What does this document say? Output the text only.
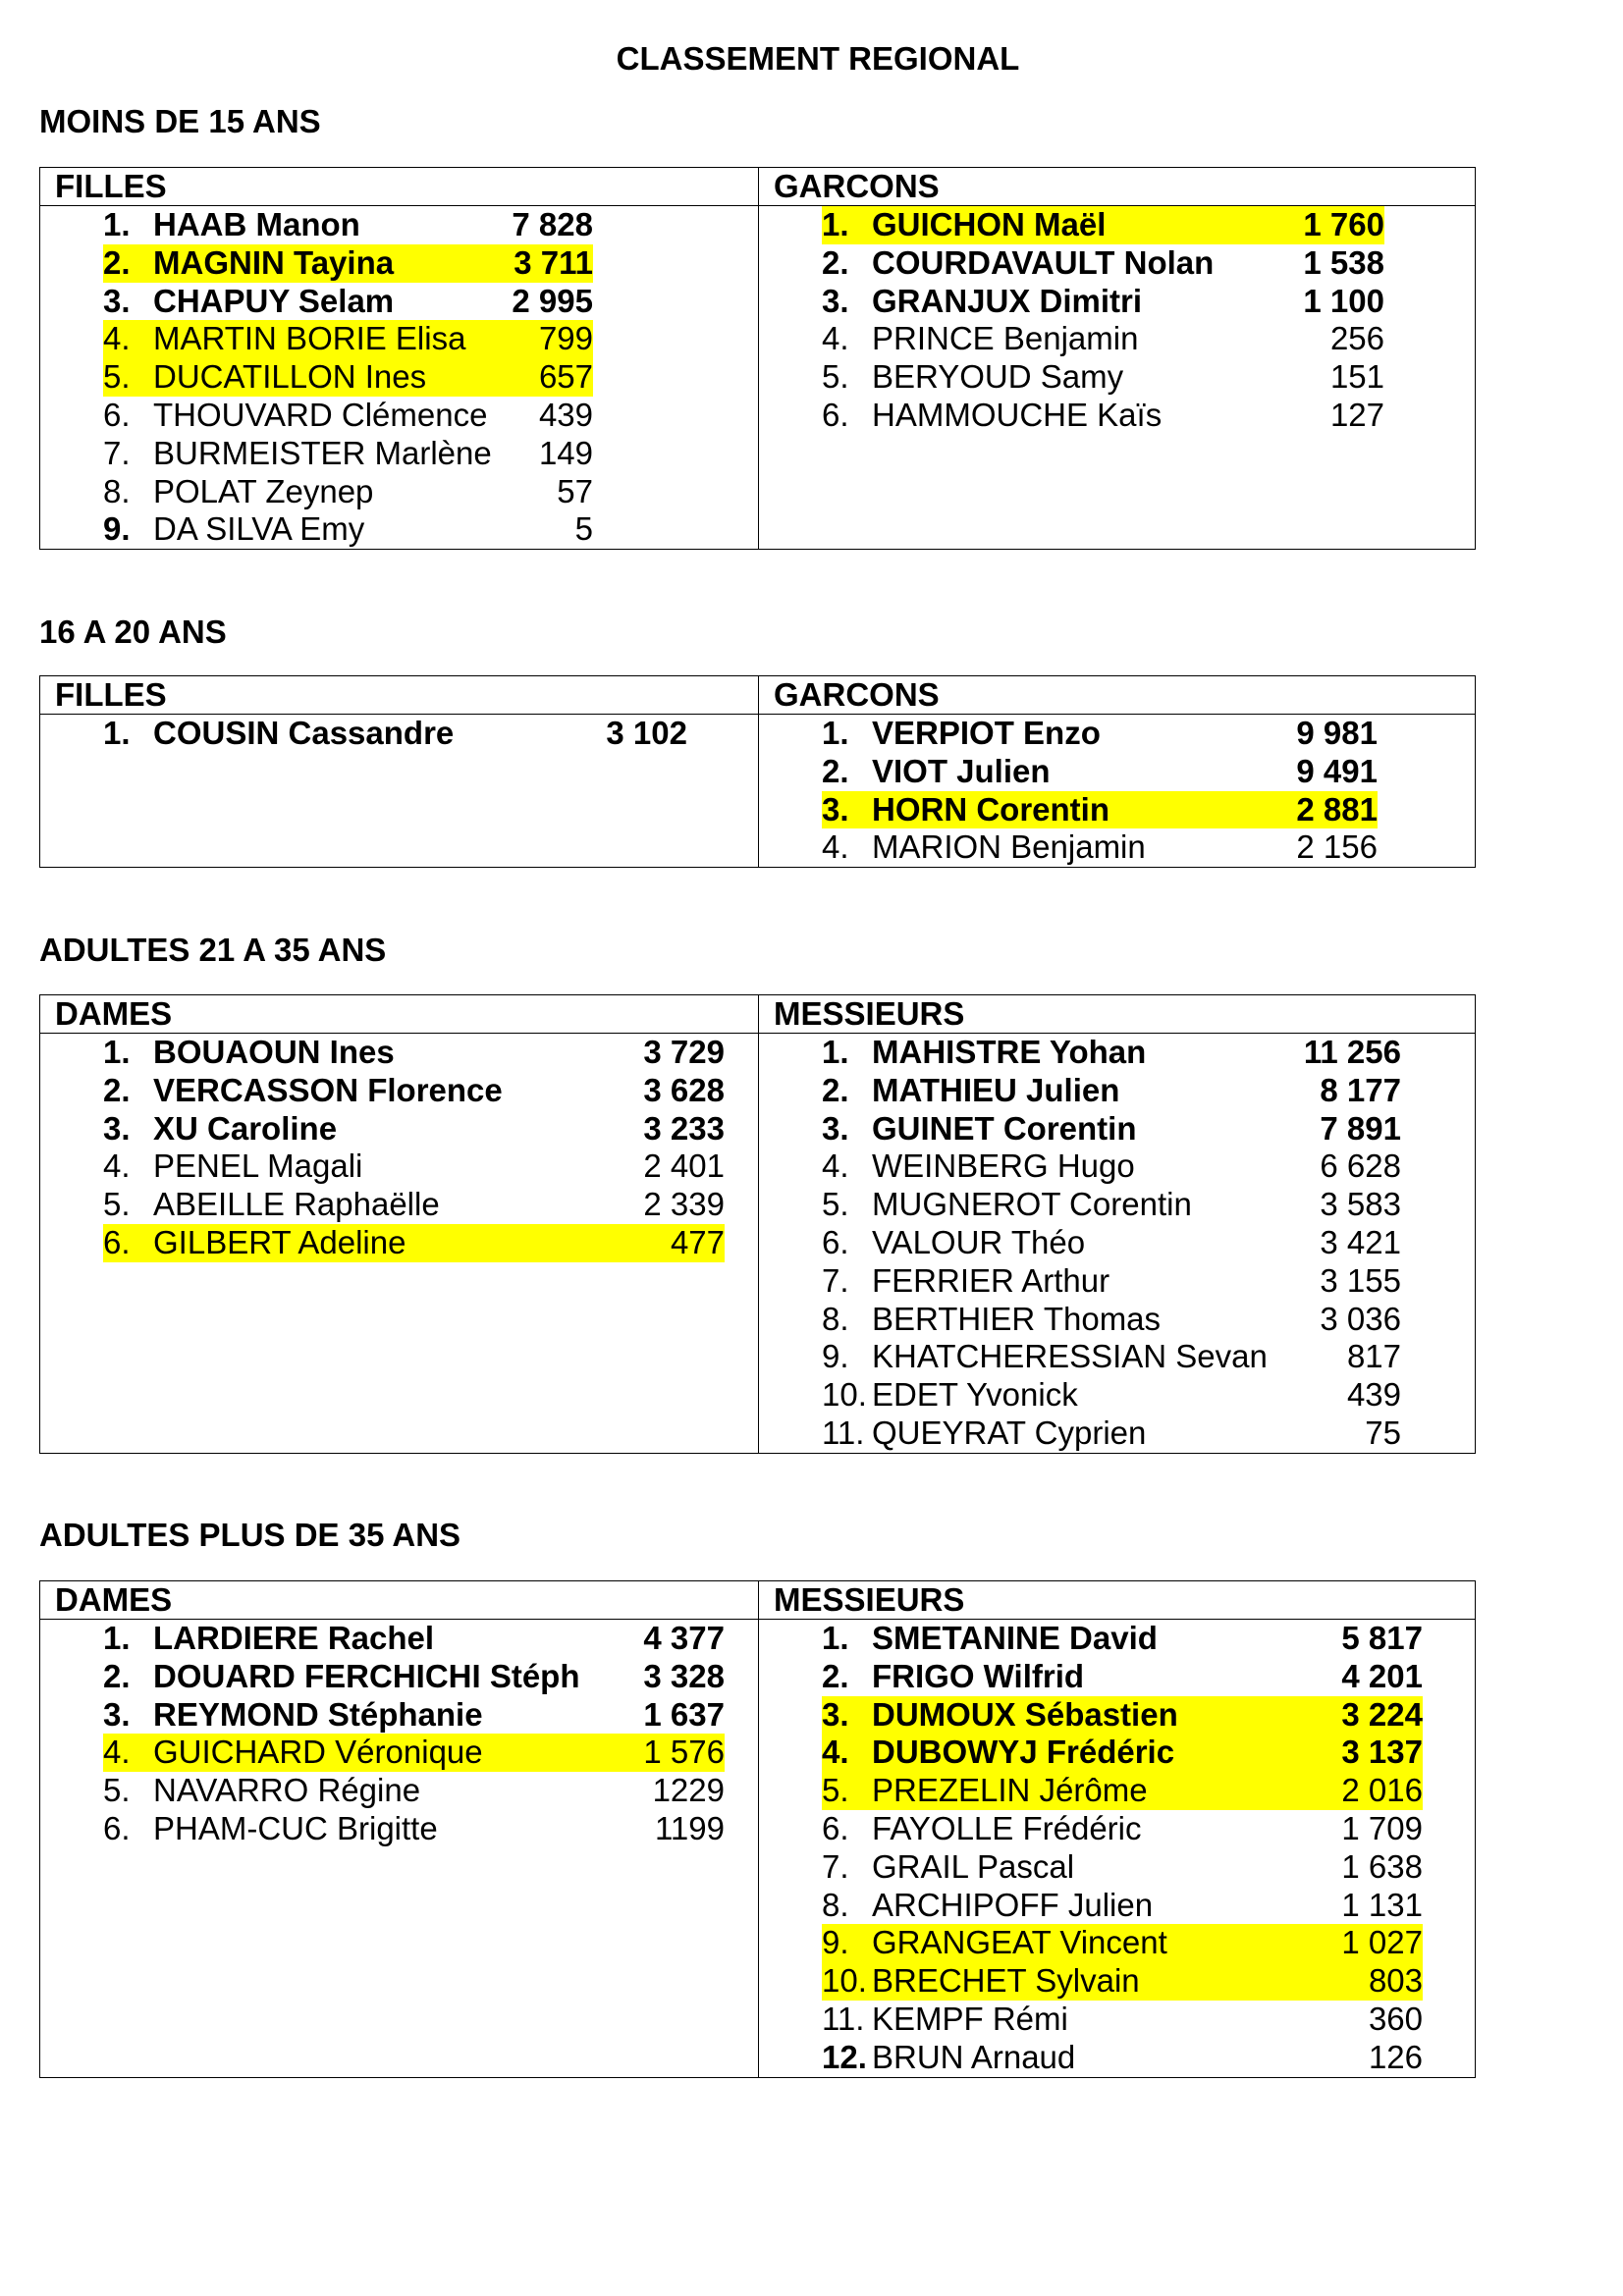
CLASSEMENT REGIONAL
MOINS DE 15 ANS
FILLES
1. HAAB Manon	7 828
2. MAGNIN Tayina	3 711
3. CHAPUY Selam	2 995
4. MARTIN BORIE Elisa 799
5. DUCATILLON Ines	657
6. THOUVARD Clémence 439
7. BURMEISTER Marlène 149
8. POLAT Zeynep	57
9. DA SILVA Emy	5
GARCONS
1. GUICHON Maël	1 760
2. COURDAVAULT Nolan	1 538
3. GRANJUX Dimitri	1 100
4. PRINCE Benjamin	256
5. BERYOUD Samy	151
6. HAMMOUCHE Kaïs	127
16 A 20 ANS
FILLES
1. COUSIN Cassandre	3 102
GARCONS
1. VERPIOT Enzo	9 981
2. VIOT Julien	9 491
3. HORN Corentin	2 881
4. MARION Benjamin	2 156
ADULTES 21 A 35 ANS
DAMES
1. BOUAOUN Ines	3 729
2. VERCASSON Florence	3 628
3. XU Caroline	3 233
4. PENEL Magali	2 401
5. ABEILLE Raphaëlle	2 339
6. GILBERT Adeline	477
MESSIEURS
1. MAHISTRE Yohan	11 256
2. MATHIEU Julien	8 177
3. GUINET Corentin	7 891
4. WEINBERG Hugo	6 628
5. MUGNEROT Corentin	3 583
6. VALOUR Théo	3 421
7. FERRIER Arthur	3 155
8. BERTHIER Thomas	3 036
9. KHATCHERESSIAN Sevan 817
10. EDET Yvonick	439
11. QUEYRAT Cyprien	75
ADULTES PLUS DE 35 ANS
DAMES
1. LARDIERE Rachel	4 377
2. DOUARD FERCHICHI Stéph 3 328
3. REYMOND Stéphanie	1 637
4. GUICHARD Véronique	1 576
5. NAVARRO Régine	1229
6. PHAM-CUC Brigitte	1199
MESSIEURS
1. SMETANINE David	5 817
2. FRIGO Wilfrid	4 201
3. DUMOUX Sébastien	3 224
4. DUBOWYJ Frédéric	3 137
5. PREZELIN Jérôme	2 016
6. FAYOLLE Frédéric	1 709
7. GRAIL Pascal	1 638
8. ARCHIPOFF Julien	1 131
9. GRANGEAT Vincent	1 027
10. BRECHET Sylvain	803
11. KEMPF Rémi	360
12. BRUN Arnaud	126
